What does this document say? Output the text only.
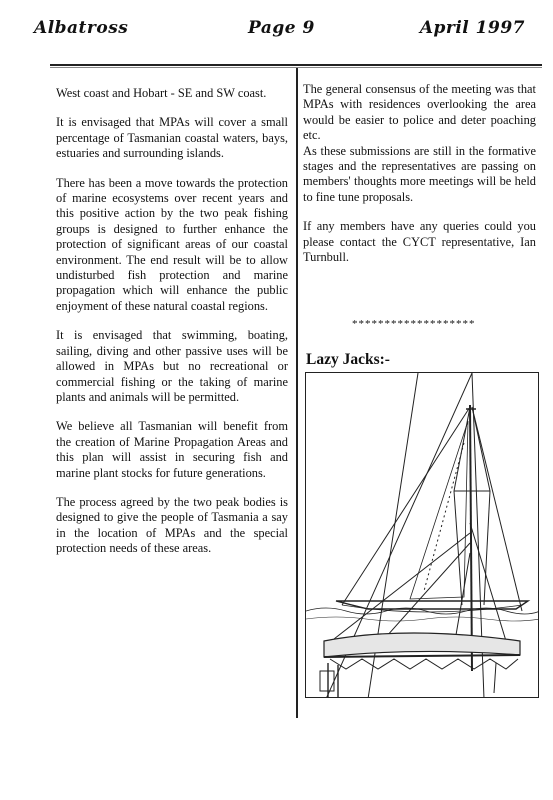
Albatross	Page 9	April 1997

West coast and Hobart - SE and SW coast.

It is envisaged that MPAs will cover a small percentage of Tasmanian coastal waters, bays, estuaries and surrounding islands.

There has been a move towards the protection of marine ecosystems over recent years and this positive action by the two peak fishing groups is designed to further enhance the protection of significant areas of our coastal environment. The end result will be to allow undisturbed fish protection and marine propagation which will enhance the public enjoyment of these natural coastal regions.

It is envisaged that swimming, boating, sailing, diving and other passive uses will be allowed in MPAs but no recreational or commercial fishing or the taking of marine plants and animals will be permitted.

We believe all Tasmanian will benefit from the creation of Marine Propagation Areas and this plan will assist in securing fish and marine plant stocks for future generations.

The process agreed by the two peak bodies is designed to give the people of Tasmania a say in the location of MPAs and the special protection needs of these areas.

The general consensus of the meeting was that MPAs with residences overlooking the area would be easier to police and deter poaching etc.

As these submissions are still in the formative stages and the representatives are passing on members' thoughts more meetings will be held to fine tune proposals.

If any members have any queries could you please contact the CYCT representative, Ian Turnbull.

*******************
Lazy Jacks:-
